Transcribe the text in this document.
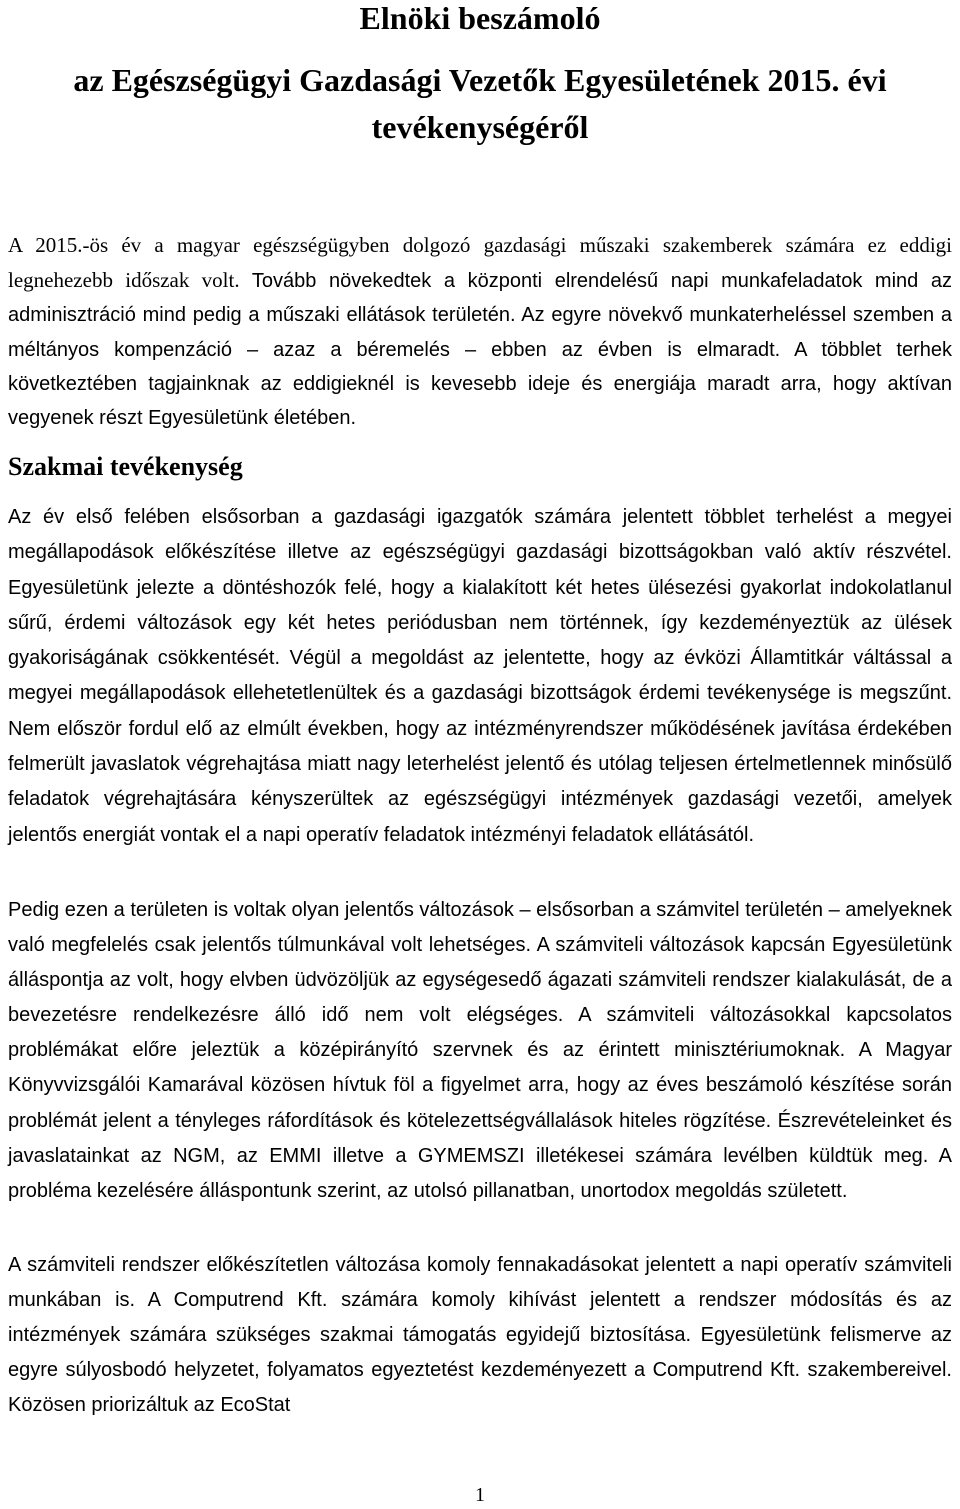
Elnöki beszámoló

az Egészségügyi Gazdasági Vezetők Egyesületének 2015. évi

tevékenységéről

A 2015.-ös év a magyar egészségügyben dolgozó gazdasági műszaki szakemberek számára ez eddigi legnehezebb időszak volt. Tovább növekedtek a központi elrendelésű napi munkafeladatok mind az adminisztráció mind pedig a műszaki ellátások területén. Az egyre növekvő munkaterheléssel szemben a méltányos kompenzáció – azaz a béremelés – ebben az évben is elmaradt. A többlet terhek következtében tagjainknak az eddigieknél is kevesebb ideje és energiája maradt arra, hogy aktívan vegyenek részt Egyesületünk életében.

Szakmai tevékenység

Az év első felében elsősorban a gazdasági igazgatók számára jelentett többlet terhelést a megyei megállapodások előkészítése illetve az egészségügyi gazdasági bizottságokban való aktív részvétel. Egyesületünk jelezte a döntéshozók felé, hogy a kialakított két hetes ülésezési gyakorlat indokolatlanul sűrű, érdemi változások egy két hetes periódusban nem történnek, így kezdeményeztük az ülések gyakoriságának csökkentését. Végül a megoldást az jelentette, hogy az évközi Államtitkár váltással a megyei megállapodások ellehetetlenültek és a gazdasági bizottságok érdemi tevékenysége is megszűnt. Nem először fordul elő az elmúlt években, hogy az intézményrendszer működésének javítása érdekében felmerült javaslatok végrehajtása miatt nagy leterhelést jelentő és utólag teljesen értelmetlennek minősülő feladatok végrehajtására kényszerültek az egészségügyi intézmények gazdasági vezetői, amelyek jelentős energiát vontak el a napi operatív feladatok intézményi feladatok ellátásától.

Pedig ezen a területen is voltak olyan jelentős változások – elsősorban a számvitel területén – amelyeknek való megfelelés csak jelentős túlmunkával volt lehetséges. A számviteli változások kapcsán Egyesületünk álláspontja az volt, hogy elvben üdvözöljük az egységesedő ágazati számviteli rendszer kialakulását, de a bevezetésre rendelkezésre álló idő nem volt elégséges. A számviteli változásokkal kapcsolatos problémákat előre jeleztük a középirányító szervnek és az érintett minisztériumoknak. A Magyar Könyvvizsgálói Kamarával közösen hívtuk föl a figyelmet arra, hogy az éves beszámoló készítése során problémát jelent a tényleges ráfordítások és kötelezettségvállalások hiteles rögzítése. Észrevételeinket és javaslatainkat az NGM, az EMMI illetve a GYMEMSZI illetékesei számára levélben küldtük meg. A probléma kezelésére álláspontunk szerint, az utolsó pillanatban, unortodox megoldás született.

A számviteli rendszer előkészítetlen változása komoly fennakadásokat jelentett a napi operatív számviteli munkában is. A Computrend Kft. számára komoly kihívást jelentett a rendszer módosítás és az intézmények számára szükséges szakmai támogatás egyidejű biztosítása. Egyesületünk felismerve az egyre súlyosbodó helyzetet, folyamatos egyeztetést kezdeményezett a Computrend Kft. szakembereivel. Közösen priorizáltuk az EcoStat

1
